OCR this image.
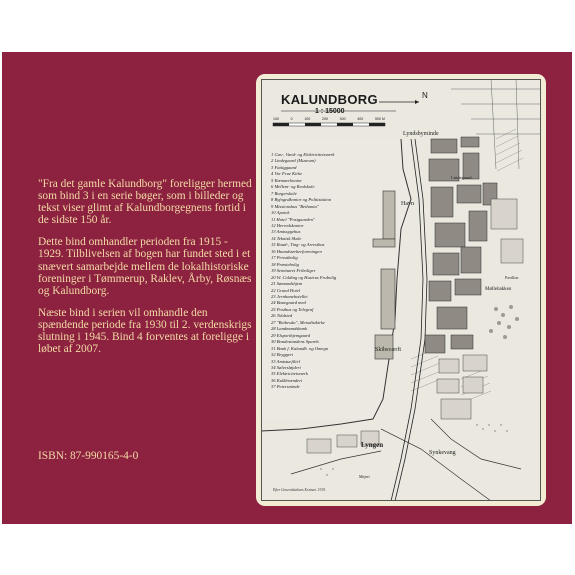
"Fra det gamle Kalundborg" foreligger hermed som bind 3 i en serie bøger, som i billeder og tekst viser glimt af Kalundborgegnens fortid i de sidste 150 år.

Dette bind omhandler perioden fra 1915 - 1929. Tilblivelsen af bogen har fundet sted i et snævert samarbejde mellem de lokalhistoriske foreninger i Tømmerup, Raklev, Årby, Røsnæs og Kalundborg.

Næste bind i serien vil omhandle den spændende periode fra 1930 til 2. verdenskrigs slutning i 1945. Bind 4 forventes at foreligge i løbet af 2007.

ISBN: 87-990165-4-0
KALUNDBORG	N
1 : 15000
100	0	100	200	300	400	500 M
1 Gas-, Vand- og Elektricitetsværk
2 Lindegaard (Museum)
3 Fattiggaard
4 Vor Frue Kirke
5 Kæmnerkontor
6 Mellem- og Realskole
7 Borgerskole
8 Byfogedkontor og Politistation
9 Missionshus "Bethania"
10 Apotek
11 Hotel "Postgaarden"
12 Herredskontor
13 Amtssygehus
14 Teknisk Skole
15 Raad-, Ting- og Arresthus
16 Haandværkerforeningen
17 Privatbolig
18 Præstebolig
19 Seminaret Friboliger
20 W. Colding og Hustrus Frubolig
21 Sømandshjem
22 Grand Hotel
23 Jernbanehotellet
24 Banegaard med
25 Posthus og Telegraf
26 Toldsted
27 "Bethesda", Metodistkirke
28 Landmandsbank
29 Elsporthjemgaard
30 Bondestandens Spareb.
31 Bank f. Kalundb. og Omegn
32 Bryggeri
33 Amtstuefiliel
34 Sølvesløjderi
35 Elektricitetsværk
36 Kalkbrænderi
37 Petersminde
Lyndsbyminde
Havn
Lindegaard
Møllebakken
Pavillon
Skibsværft
Lyngen
Synkevang
Mejeri
Efter Generalstabens Kortsæt. 1919.
